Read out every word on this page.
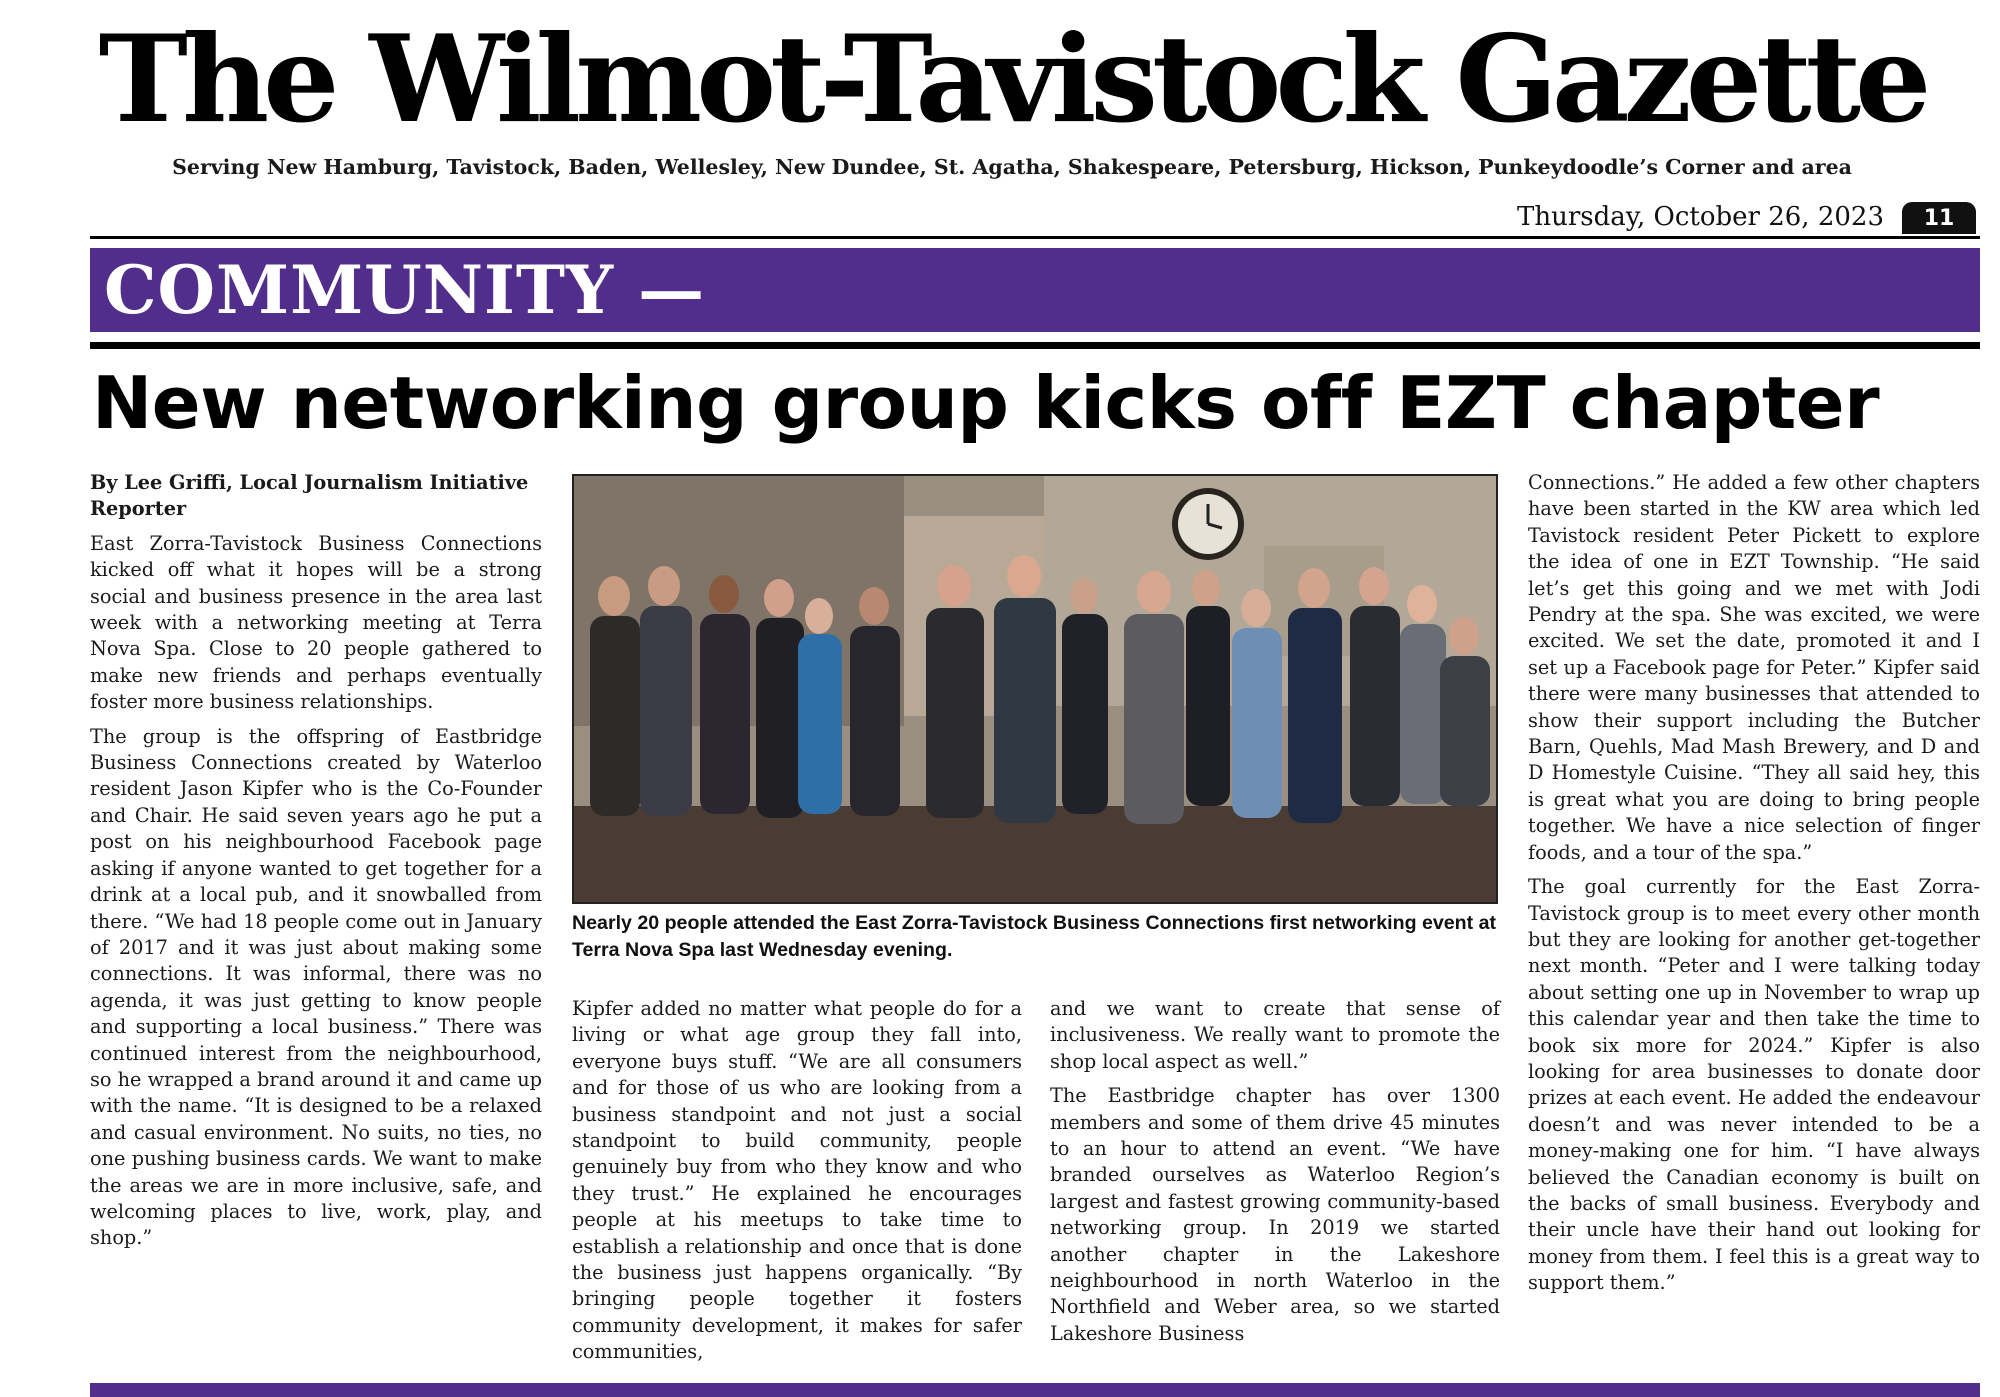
The Wilmot-Tavistock Gazette
Serving New Hamburg, Tavistock, Baden, Wellesley, New Dundee, St. Agatha, Shakespeare, Petersburg, Hickson, Punkeydoodle’s Corner and area
Thursday, October 26, 2023	11
COMMUNITY —
New networking group kicks off EZT chapter

By Lee Griffi, Local Journalism Initiative Reporter

East Zorra-Tavistock Business Connections kicked off what it hopes will be a strong social and business presence in the area last week with a networking meeting at Terra Nova Spa. Close to 20 people gathered to make new friends and perhaps eventually foster more business relationships.

The group is the offspring of Eastbridge Business Connections created by Waterloo resident Jason Kipfer who is the Co-Founder and Chair. He said seven years ago he put a post on his neighbourhood Facebook page asking if anyone wanted to get together for a drink at a local pub, and it snowballed from there. “We had 18 people come out in January of 2017 and it was just about making some connections. It was informal, there was no agenda, it was just getting to know people and supporting a local business.” There was continued interest from the neighbourhood, so he wrapped a brand around it and came up with the name. “It is designed to be a relaxed and casual environment. No suits, no ties, no one pushing business cards. We want to make the areas we are in more inclusive, safe, and welcoming places to live, work, play, and shop.”

Nearly 20 people attended the East Zorra-Tavistock Business Connections first networking event at Terra Nova Spa last Wednesday evening.

Kipfer added no matter what people do for a living or what age group they fall into, everyone buys stuff. “We are all consumers and for those of us who are looking from a business standpoint and not just a social standpoint to build community, people genuinely buy from who they know and who they trust.” He explained he encourages people at his meetups to take time to establish a relationship and once that is done the business just happens organically. “By bringing people together it fosters community development, it makes for safer communities,

and we want to create that sense of inclusiveness. We really want to promote the shop local aspect as well.”

The Eastbridge chapter has over 1300 members and some of them drive 45 minutes to an hour to attend an event. “We have branded ourselves as Waterloo Region’s largest and fastest growing community-based networking group. In 2019 we started another chapter in the Lakeshore neighbourhood in north Waterloo in the Northfield and Weber area, so we started Lakeshore Business

Connections.” He added a few other chapters have been started in the KW area which led Tavistock resident Peter Pickett to explore the idea of one in EZT Township. “He said let’s get this going and we met with Jodi Pendry at the spa. She was excited, we were excited. We set the date, promoted it and I set up a Facebook page for Peter.” Kipfer said there were many businesses that attended to show their support including the Butcher Barn, Quehls, Mad Mash Brewery, and D and D Homestyle Cuisine. “They all said hey, this is great what you are doing to bring people together. We have a nice selection of finger foods, and a tour of the spa.”

The goal currently for the East Zorra-Tavistock group is to meet every other month but they are looking for another get-together next month. “Peter and I were talking today about setting one up in November to wrap up this calendar year and then take the time to book six more for 2024.” Kipfer is also looking for area businesses to donate door prizes at each event. He added the endeavour doesn’t and was never intended to be a money-making one for him. “I have always believed the Canadian economy is built on the backs of small business. Everybody and their uncle have their hand out looking for money from them. I feel this is a great way to support them.”
